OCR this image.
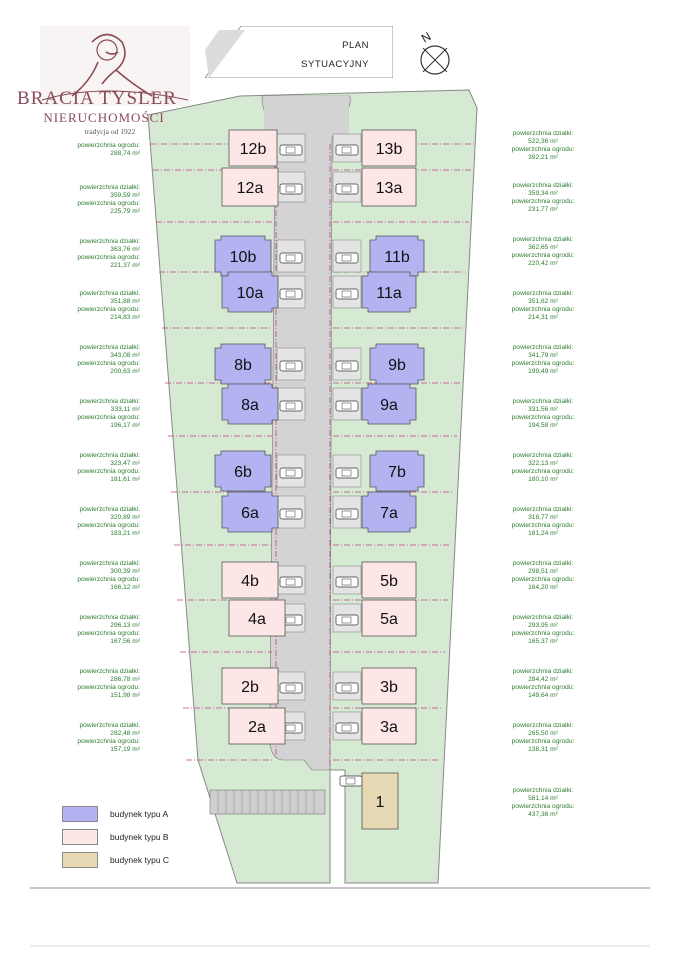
12b	13b
12a	13a
10b	11b
10a	11a
8b	9b
8a	9a
6b	7b
6a	7a
4b	5b
4a	5a
2b	3b
2a	3a
1
BRACIA TYSLER
NIERUCHOMOŚCI
tradycja od 1922
PLAN
SYTUACYJNY
N
powierzchnia ogrodu:
288,74 m²
powierzchnia działki:
359,59 m²
powierzchnia ogrodu:
225,79 m²
powierzchnia działki:
363,76 m²
powierzchnia ogrodu:
221,37 m²
powierzchnia działki:
351,88 m²
powierzchnia ogrodu:
214,83 m²
powierzchnia działki:
343,08 m²
powierzchnia ogrodu:
200,63 m²
powierzchnia działki:
333,11 m²
powierzchnia ogrodu:
196,17 m²
powierzchnia działki:
323,47 m²
powierzchnia ogrodu:
181,61 m²
powierzchnia działki:
320,89 m²
powierzchnia ogrodu:
183,21 m²
powierzchnia działki:
300,39 m²
powierzchnia ogrodu:
166,12 m²
powierzchnia działki:
296,13 m²
powierzchnia ogrodu:
167,56 m²
powierzchnia działki:
286,78 m²
powierzchnia ogrodu:
151,98 m²
powierzchnia działki:
282,48 m²
powierzchnia ogrodu:
157,19 m²
powierzchnia działki:
522,36 m²
powierzchnia ogrodu:
392,21 m²
powierzchnia działki:
359,34 m²
powierzchnia ogrodu:
231,77 m²
powierzchnia działki:
362,65 m²
powierzchnia ogrodu:
220,42 m²
powierzchnia działki:
351,62 m²
powierzchnia ogrodu:
214,31 m²
powierzchnia działki:
341,79 m²
powierzchnia ogrodu:
199,49 m²
powierzchnia działki:
331,56 m²
powierzchnia ogrodu:
194,58 m²
powierzchnia działki:
322,13 m²
powierzchnia ogrodu:
180,10 m²
powierzchnia działki:
318,77 m²
powierzchnia ogrodu:
181,24 m²
powierzchnia działki:
298,51 m²
powierzchnia ogrodu:
164,20 m²
powierzchnia działki:
293,95 m²
powierzchnia ogrodu:
165,37 m²
powierzchnia działki:
284,42 m²
powierzchnia ogrodu:
149,64 m²
powierzchnia działki:
265,50 m²
powierzchnia ogrodu:
138,31 m²
powierzchnia działki:
581,14 m²
powierzchnia ogrodu:
437,36 m²
budynek typu A
budynek typu B
budynek typu C
